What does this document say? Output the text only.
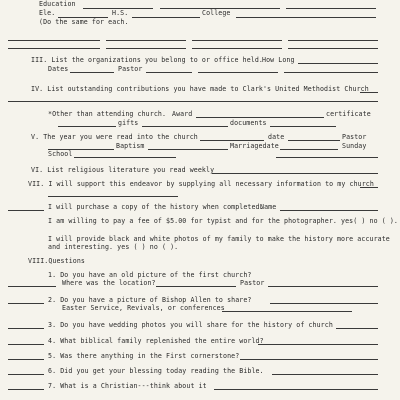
Education
Ele.	H.S.	College
(Do the same for each.
III. List the organizations you belong to or office held. How Long
Dates	Pastor
IV. List outstanding contributions you have made to Clark's United Methodist Church
*Other than attending church. Award	certificate
gifts	documents
V. The year you were read into the church	date	Pastor
Baptism	Marriagedate	Sunday
School
VI. List religious literature you read weekly
VII. I will support this endeavor by supplying all necessary information to my church
I will purchase a copy of the history when completed.
Name
I am willing to pay a fee of $5.00 for typist and for the photographer. yes( ) no ( ).
I will provide black and white photos of my family to make the history more accurate
and interesting. yes ( ) no ( ).
VIII.Questions
1. Do you have an old picture of the first church?
Where was the location?	Pastor
2. Do you have a picture of Bishop Allen to share?
Easter Service, Revivals, or conferences
3. Do you have wedding photos you will share for the history of church
4. What biblical family replenished the entire world?
5. Was there anything in the First cornerstone?
6. Did you get your blessing today reading the Bible.
7. What is a Christian---think about it
